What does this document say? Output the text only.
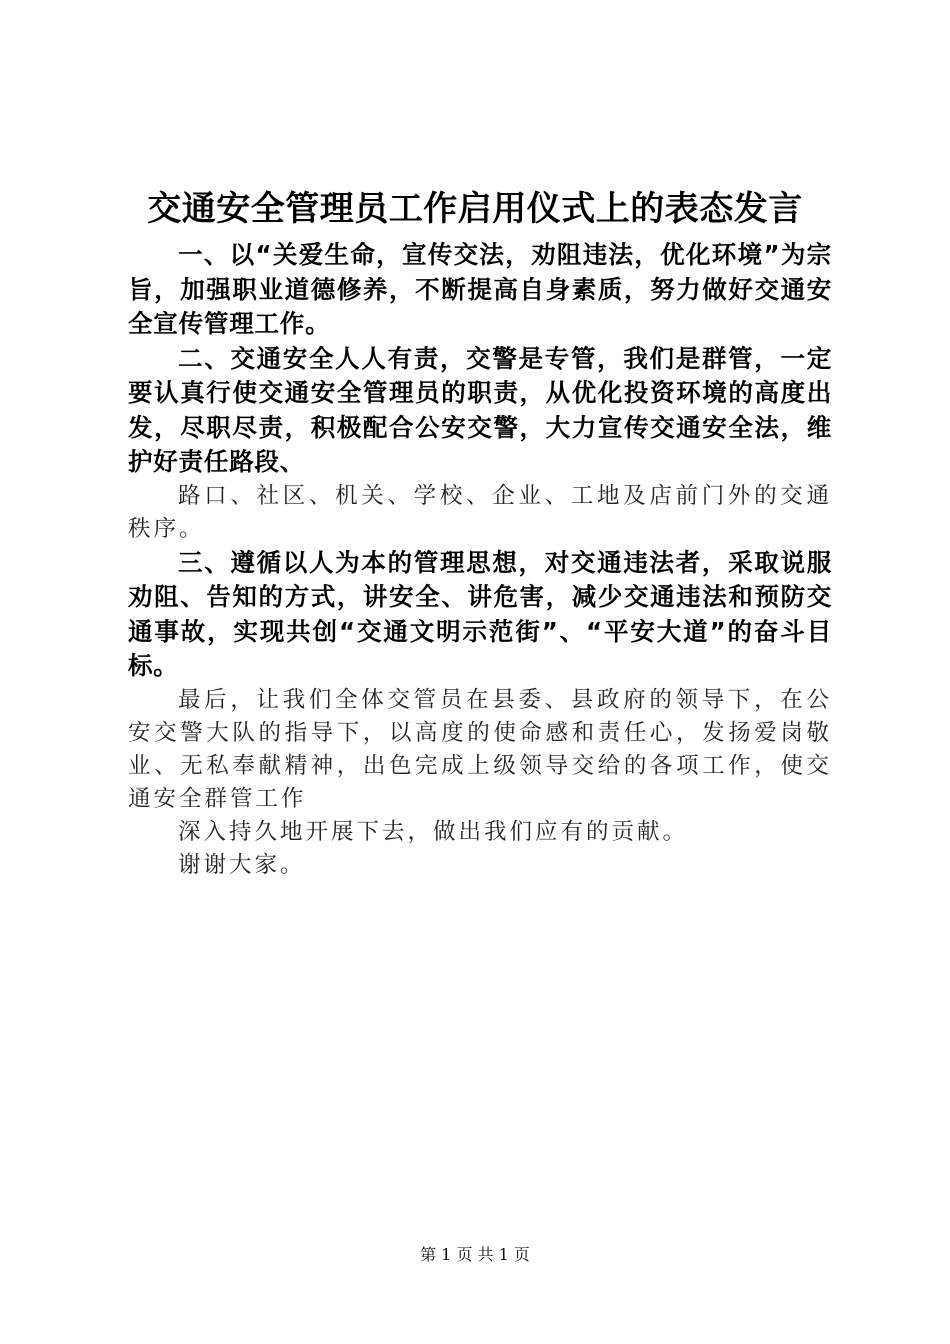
交通安全管理员工作启用仪式上的表态发言

一、以“关爱生命，宣传交法，劝阻违法，优化环境”为宗旨，加强职业道德修养，不断提高自身素质，努力做好交通安全宣传管理工作。

二、交通安全人人有责，交警是专管，我们是群管，一定要认真行使交通安全管理员的职责，从优化投资环境的高度出发，尽职尽责，积极配合公安交警，大力宣传交通安全法，维护好责任路段、

路口、社区、机关、学校、企业、工地及店前门外的交通秩序。

三、遵循以人为本的管理思想，对交通违法者，采取说服劝阻、告知的方式，讲安全、讲危害，减少交通违法和预防交通事故，实现共创“交通文明示范街”、“平安大道”的奋斗目标。

最后，让我们全体交管员在县委、县政府的领导下，在公安交警大队的指导下，以高度的使命感和责任心，发扬爱岗敬业、无私奉献精神，出色完成上级领导交给的各项工作，使交通安全群管工作

深入持久地开展下去，做出我们应有的贡献。

谢谢大家。

第 1 页 共 1 页
